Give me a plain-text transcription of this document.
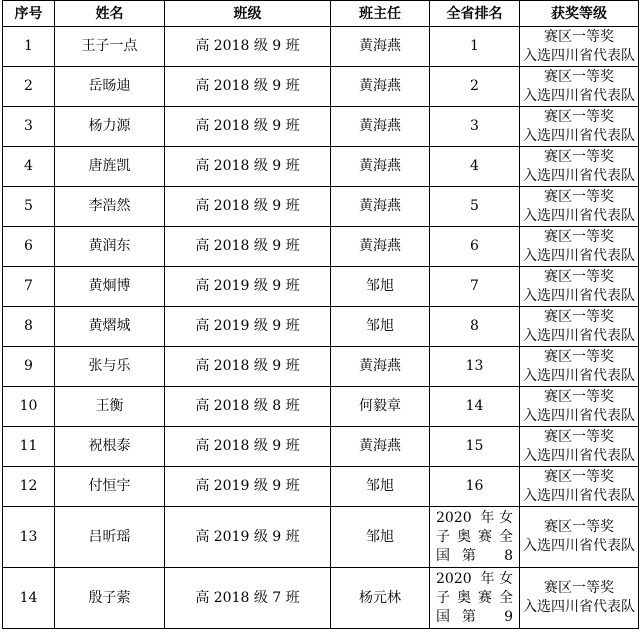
序号	姓名	班级	班主任	全省排名	获奖等级
1	王子一点	高 2018 级 9 班	黄海燕	1	赛区一等奖
入选四川省代表队

2	岳旸迪	高 2018 级 9 班	黄海燕	2	赛区一等奖
入选四川省代表队

3	杨力源	高 2018 级 9 班	黄海燕	3	赛区一等奖
入选四川省代表队

4	唐旌凯	高 2018 级 9 班	黄海燕	4	赛区一等奖
入选四川省代表队

5	李浩然	高 2018 级 9 班	黄海燕	5	赛区一等奖
入选四川省代表队

6	黄润东	高 2018 级 9 班	黄海燕	6	赛区一等奖
入选四川省代表队

7	黄炯博	高 2019 级 9 班	邹旭	7	赛区一等奖
入选四川省代表队

8	黄熠城	高 2019 级 9 班	邹旭	8	赛区一等奖
入选四川省代表队

9	张与乐	高 2018 级 9 班	黄海燕	13	赛区一等奖
入选四川省代表队

10	王衡	高 2018 级 8 班	何毅章	14	赛区一等奖
入选四川省代表队

11	祝根泰	高 2018 级 9 班	黄海燕	15	赛区一等奖
入选四川省代表队

12	付恒宇	高 2019 级 9 班	邹旭	16	赛区一等奖
入选四川省代表队

13	吕昕瑶	高 2019 级 9 班	邹旭	2020 年女
子奥赛全
国第 8	赛区一等奖
入选四川省代表队

14	殷子萦	高 2018 级 7 班	杨元林	2020 年女
子奥赛全
国第 9	赛区一等奖
入选四川省代表队
